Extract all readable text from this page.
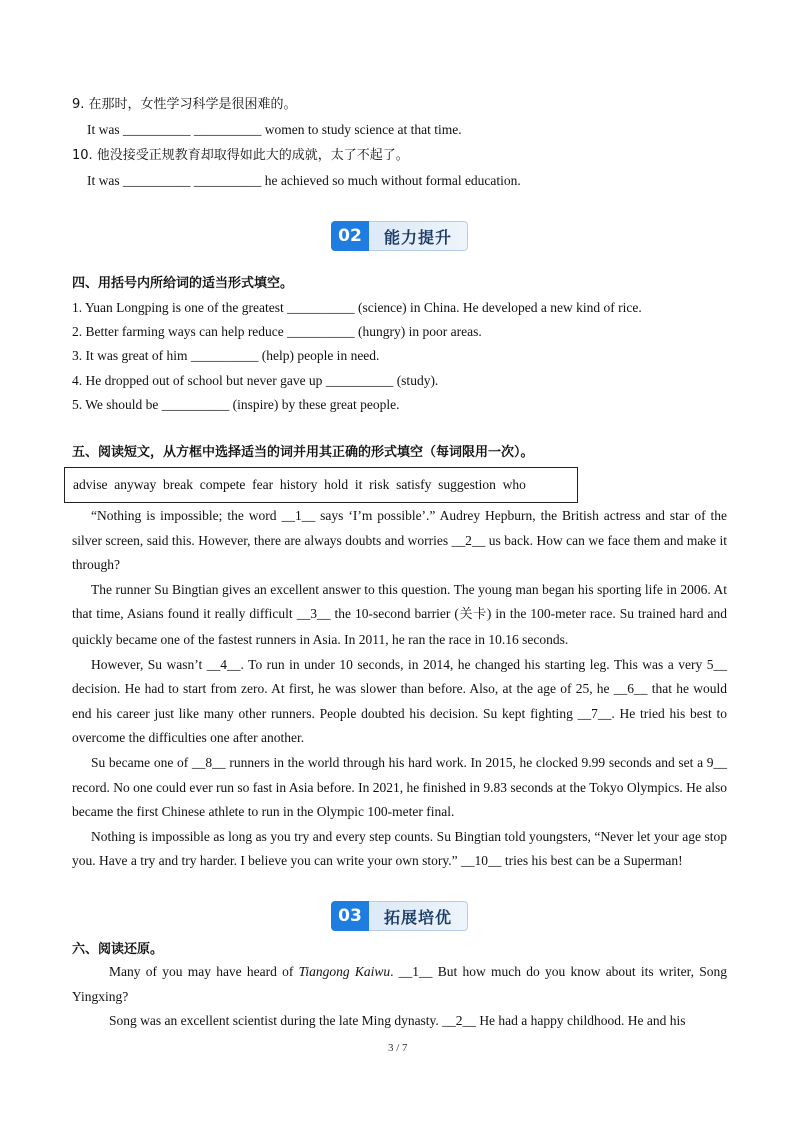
9. 在那时，女性学习科学是很困难的。
It was __________ __________ women to study science at that time.
10. 他没接受正规教育却取得如此大的成就，太了不起了。
It was __________ __________ he achieved so much without formal education.
02	能力提升
四、用括号内所给词的适当形式填空。
1. Yuan Longping is one of the greatest __________ (science) in China. He developed a new kind of rice.
2. Better farming ways can help reduce __________ (hungry) in poor areas.
3. It was great of him __________ (help) people in need.
4. He dropped out of school but never gave up __________ (study).
5. We should be __________ (inspire) by these great people.
五、阅读短文，从方框中选择适当的词并用其正确的形式填空（每词限用一次）。
advise  anyway  break  compete  fear  history  hold  it  risk  satisfy  suggestion  who

“Nothing is impossible; the word __1__ says ‘I’m possible’.” Audrey Hepburn, the British actress and star of the silver screen, said this. However, there are always doubts and worries __2__ us back. How can we face them and make it through?

The runner Su Bingtian gives an excellent answer to this question. The young man began his sporting life in 2006. At that time, Asians found it really difficult __3__ the 10-second barrier (关卡) in the 100-meter race. Su trained hard and quickly became one of the fastest runners in Asia. In 2011, he ran the race in 10.16 seconds.

However, Su wasn’t __4__. To run in under 10 seconds, in 2014, he changed his starting leg. This was a very 5__ decision. He had to start from zero. At first, he was slower than before. Also, at the age of 25, he __6__ that he would end his career just like many other runners. People doubted his decision. Su kept fighting __7__. He tried his best to overcome the difficulties one after another.

Su became one of __8__ runners in the world through his hard work. In 2015, he clocked 9.99 seconds and set a 9__ record. No one could ever run so fast in Asia before. In 2021, he finished in 9.83 seconds at the Tokyo Olympics. He also became the first Chinese athlete to run in the Olympic 100-meter final.

Nothing is impossible as long as you try and every step counts. Su Bingtian told youngsters, “Never let your age stop you. Have a try and try harder. I believe you can write your own story.” __10__ tries his best can be a Superman!

03	拓展培优
六、阅读还原。

Many of you may have heard of Tiangong Kaiwu. __1__ But how much do you know about its writer, Song Yingxing?

Song was an excellent scientist during the late Ming dynasty. __2__ He had a happy childhood. He and his

3 / 7
